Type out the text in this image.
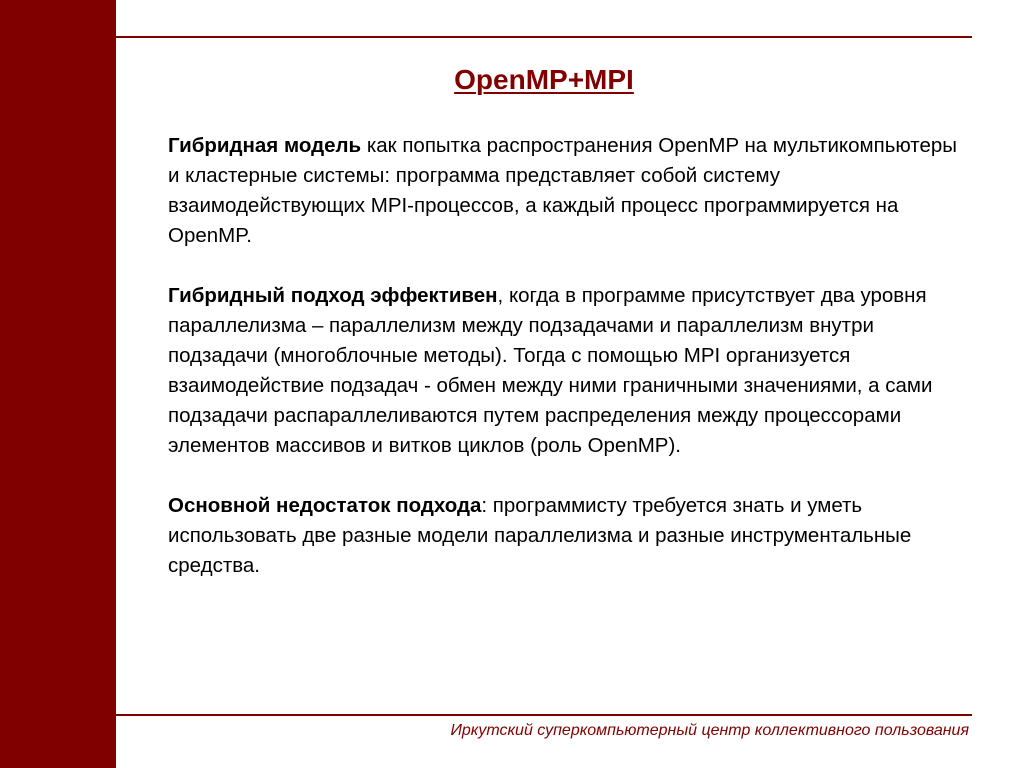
OpenMP+MPI

Гибридная модель как попытка распространения OpenMP на мультикомпьютеры и кластерные системы: программа представляет собой систему взаимодействующих MPI-процессов, а каждый процесс программируется на OpenMP.

Гибридный подход эффективен, когда в программе присутствует два уровня параллелизма – параллелизм между подзадачами и параллелизм внутри подзадачи (многоблочные методы). Тогда с помощью MPI организуется взаимодействие подзадач - обмен между ними граничными значениями, а сами подзадачи распараллеливаются путем распределения между процессорами элементов массивов и витков циклов (роль OpenMP).

Основной недостаток подхода: программисту требуется знать и уметь использовать две разные модели параллелизма и разные инструментальные средства.

Иркутский суперкомпьютерный центр коллективного пользования
